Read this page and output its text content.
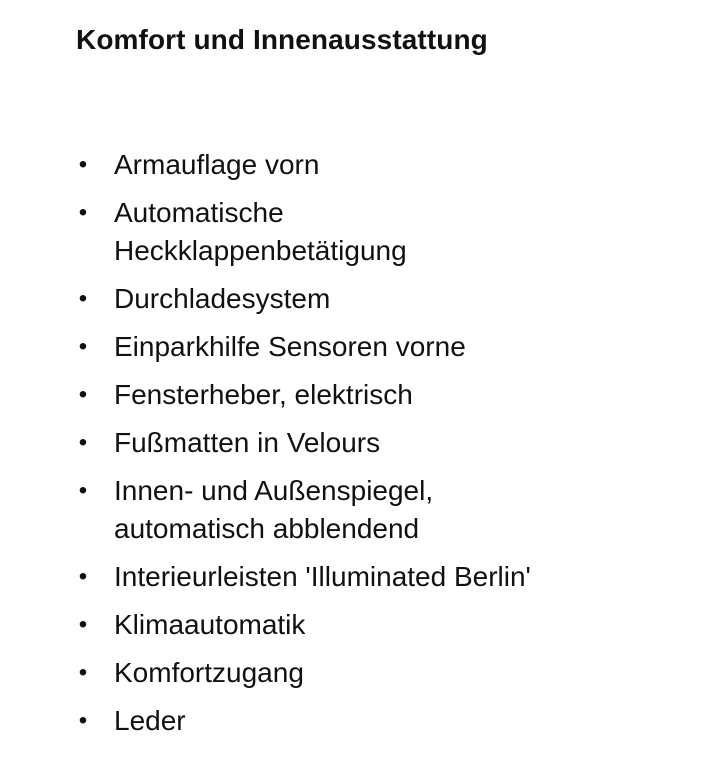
Komfort und Innenausstattung
• Armauflage vorn
• Automatische
Heckklappenbetätigung
• Durchladesystem
• Einparkhilfe Sensoren vorne
• Fensterheber, elektrisch
• Fußmatten in Velours
• Innen- und Außenspiegel,
automatisch abblendend
• Interieurleisten 'Illuminated Berlin'
• Klimaautomatik
• Komfortzugang
• Leder
